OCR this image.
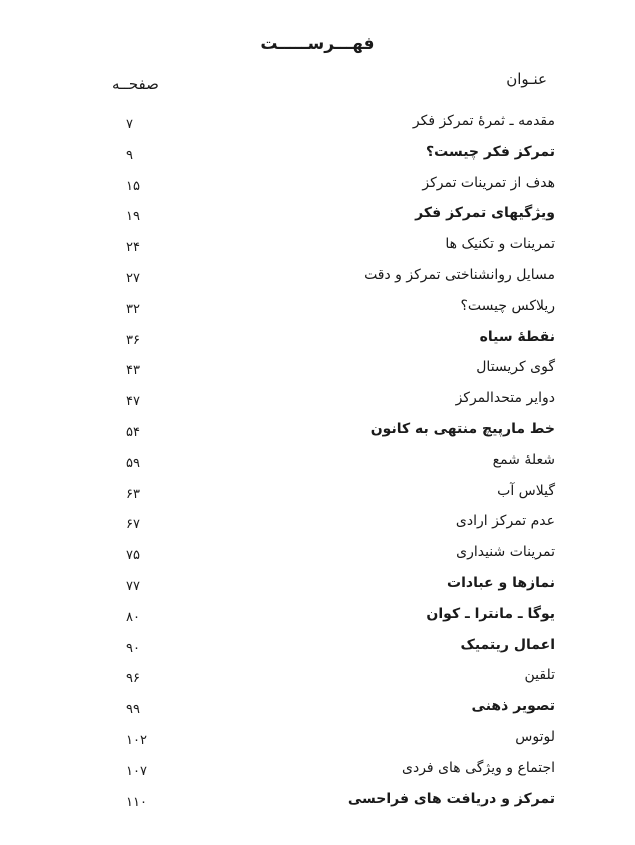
فهـــرســـــت
عنـوان
صفحــه
مقدمه ـ ثمرۀ تمرکز فکر
۷
تمرکز فکر چیست؟
۹
هدف از تمرینات تمرکز
۱۵
ویژگیهای تمرکز فکر
۱۹
تمرینات و تکنیک ها
۲۴
مسایل روانشناختی تمرکز و دقت
۲۷
ریلاکس چیست؟
۳۲
نقطۀ سیاه
۳۶
گوی کریستال
۴۳
دوایر متحدالمرکز
۴۷
خط مارپیچ منتهی به کانون
۵۴
شعلۀ شمع
۵۹
گیلاس آب
۶۳
عدم تمرکز ارادی
۶۷
تمرینات شنیداری
۷۵
نمازها و عبادات
۷۷
یوگا ـ مانترا ـ کوان
۸۰
اعمال ریتمیک
۹۰
تلقین
۹۶
تصویر ذهنی
۹۹
لوتوس
۱۰۲
اجتماع و ویژگی های فردی
۱۰۷
تمرکز و دریافت های فراحسی
۱۱۰
